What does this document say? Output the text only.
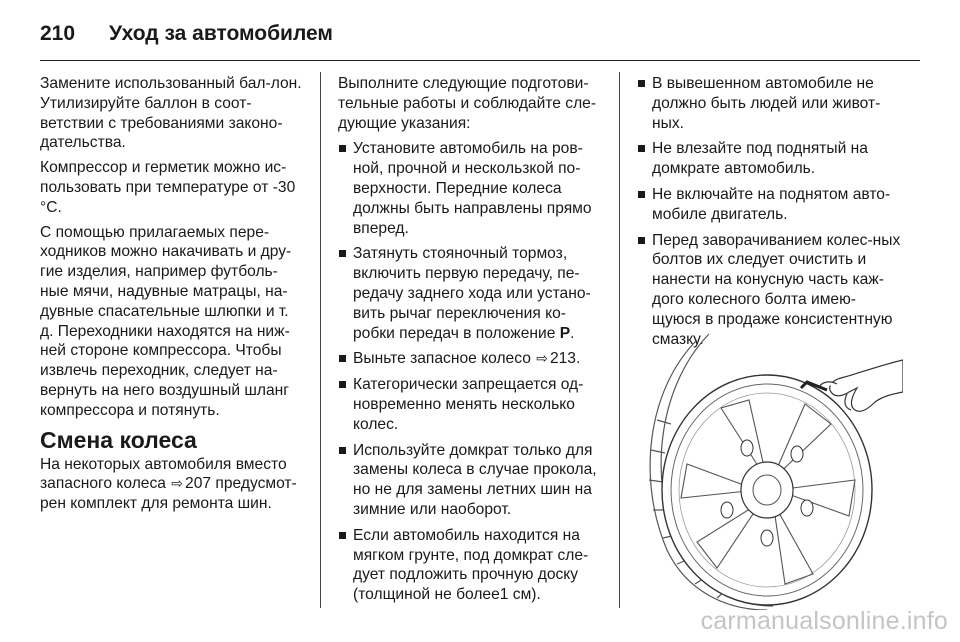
210 Уход за автомобилем

Замените использованный бал-лон. Утилизируйте баллон в соот-ветствии с требованиями законо-дательства.

Компрессор и герметик можно ис-пользовать при температуре от -30 °C.

С помощью прилагаемых пере-ходников можно накачивать и дру-гие изделия, например футболь-ные мячи, надувные матрацы, на-дувные спасательные шлюпки и т. д. Переходники находятся на ниж-ней стороне компрессора. Чтобы извлечь переходник, следует на-вернуть на него воздушный шланг компрессора и потянуть.

Смена колеса

На некоторых автомобиля вместо запасного колеса ⇨ 207 предусмот-рен комплект для ремонта шин.

Выполните следующие подготови-тельные работы и соблюдайте сле-дующие указания:

Установите автомобиль на ров-ной, прочной и нескользкой по-верхности. Передние колеса должны быть направлены прямо вперед.
Затянуть стояночный тормоз, включить первую передачу, пе-редачу заднего хода или устано-вить рычаг переключения ко-робки передач в положение P.
Выньте запасное колесо ⇨ 213.
Категорически запрещается од-новременно менять несколько колес.
Используйте домкрат только для замены колеса в случае прокола, но не для замены летних шин на зимние или наоборот.
Если автомобиль находится на мягком грунте, под домкрат сле-дует подложить прочную доску (толщиной не более1 см).
В вывешенном автомобиле не должно быть людей или живот-ных.
Не влезайте под поднятый на домкрате автомобиль.
Не включайте на поднятом авто-мобиле двигатель.
Перед заворачиванием колес-ных болтов их следует очистить и нанести на конусную часть каж-дого колесного болта имею-щуюся в продаже консистентную смазку.
carmanualsonline.info
